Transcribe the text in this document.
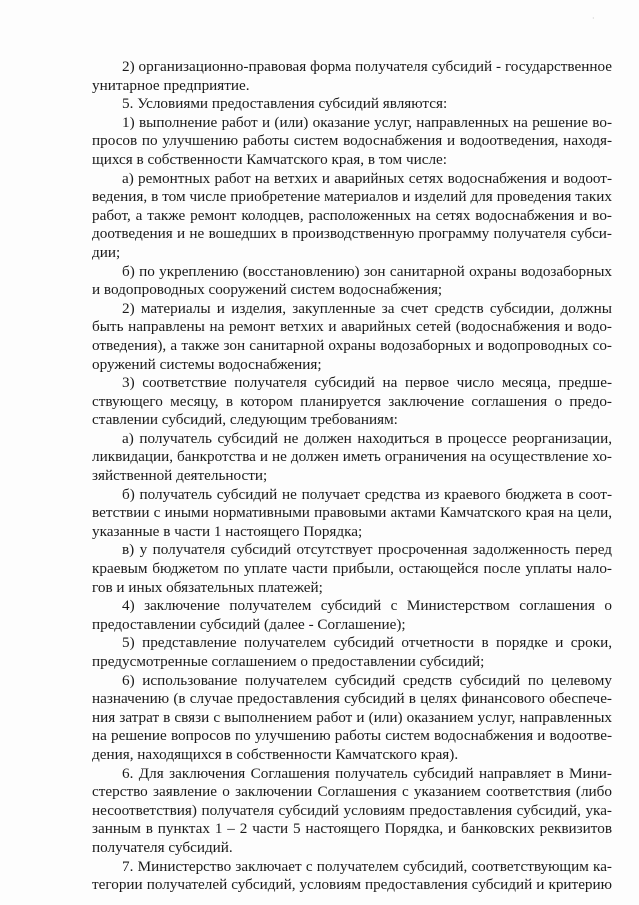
·
2) организационно-правовая форма получателя субсидий - государственное
унитарное предприятие.
5. Условиями предоставления субсидий являются:
1) выполнение работ и (или) оказание услуг, направленных на решение во-
просов по улучшению работы систем водоснабжения и водоотведения, находя-
щихся в собственности Камчатского края, в том числе:
а) ремонтных работ на ветхих и аварийных сетях водоснабжения и водоот-
ведения, в том числе приобретение материалов и изделий для проведения таких
работ, а также ремонт колодцев, расположенных на сетях водоснабжения и во-
доотведения и не вошедших в производственную программу получателя субси-
дии;
б) по укреплению (восстановлению) зон санитарной охраны водозаборных
и водопроводных сооружений систем водоснабжения;
2) материалы и изделия, закупленные за счет средств субсидии, должны
быть направлены на ремонт ветхих и аварийных сетей (водоснабжения и водо-
отведения), а также зон санитарной охраны водозаборных и водопроводных со-
оружений системы водоснабжения;
3) соответствие получателя субсидий на первое число месяца, предше-
ствующего месяцу, в котором планируется заключение соглашения о предо-
ставлении субсидий, следующим требованиям:
а) получатель субсидий не должен находиться в процессе реорганизации,
ликвидации, банкротства и не должен иметь ограничения на осуществление хо-
зяйственной деятельности;
б) получатель субсидий не получает средства из краевого бюджета в соот-
ветствии с иными нормативными правовыми актами Камчатского края на цели,
указанные в части 1 настоящего Порядка;
в) у получателя субсидий отсутствует просроченная задолженность перед
краевым бюджетом по уплате части прибыли, остающейся после уплаты нало-
гов и иных обязательных платежей;
4) заключение получателем субсидий с Министерством соглашения о
предоставлении субсидий (далее - Соглашение);
5) представление получателем субсидий отчетности в порядке и сроки,
предусмотренные соглашением о предоставлении субсидий;
6) использование получателем субсидий средств субсидий по целевому
назначению (в случае предоставления субсидий в целях финансового обеспече-
ния затрат в связи с выполнением работ и (или) оказанием услуг, направленных
на решение вопросов по улучшению работы систем водоснабжения и водоотве-
дения, находящихся в собственности Камчатского края).
6. Для заключения Соглашения получатель субсидий направляет в Мини-
стерство заявление о заключении Соглашения с указанием соответствия (либо
несоответствия) получателя субсидий условиям предоставления субсидий, ука-
занным в пунктах 1 – 2 части 5 настоящего Порядка, и банковских реквизитов
получателя субсидий.
7. Министерство заключает с получателем субсидий, соответствующим ка-
тегории получателей субсидий, условиям предоставления субсидий и критерию
